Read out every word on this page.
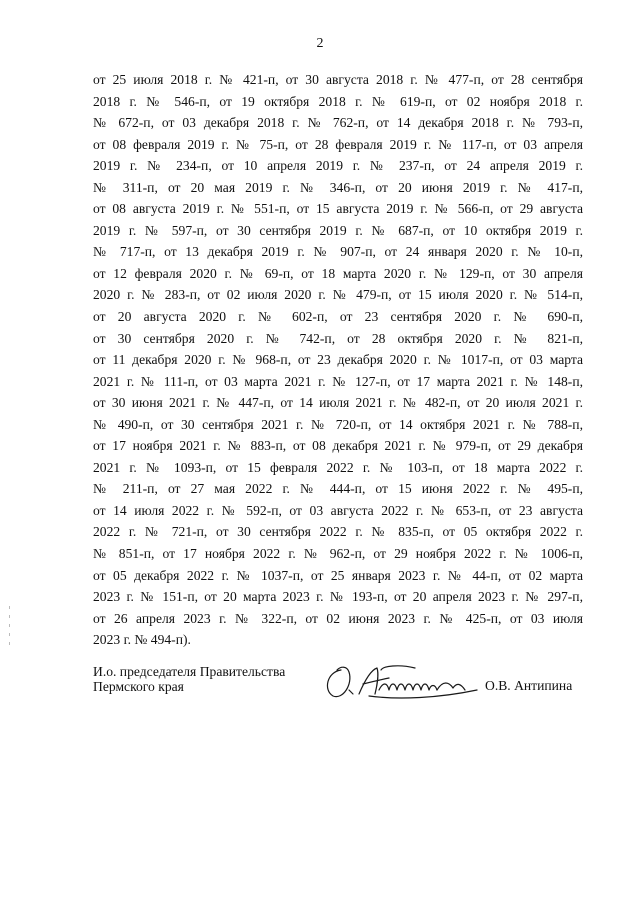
2
от 25 июля 2018 г. № 421-п, от 30 августа 2018 г. № 477-п, от 28 сентября
2018 г. № 546-п, от 19 октября 2018 г. № 619-п, от 02 ноября 2018 г.
№ 672-п, от 03 декабря 2018 г. № 762-п, от 14 декабря 2018 г. № 793-п,
от 08 февраля 2019 г. № 75-п, от 28 февраля 2019 г. № 117-п, от 03 апреля
2019 г. № 234-п, от 10 апреля 2019 г. № 237-п, от 24 апреля 2019 г.
№ 311-п, от 20 мая 2019 г. № 346-п, от 20 июня 2019 г. № 417-п,
от 08 августа 2019 г. № 551-п, от 15 августа 2019 г. № 566-п, от 29 августа
2019 г. № 597-п, от 30 сентября 2019 г. № 687-п, от 10 октября 2019 г.
№ 717-п, от 13 декабря 2019 г. № 907-п, от 24 января 2020 г. № 10-п,
от 12 февраля 2020 г. № 69-п, от 18 марта 2020 г. № 129-п, от 30 апреля
2020 г. № 283-п, от 02 июля 2020 г. № 479-п, от 15 июля 2020 г. № 514-п,
от 20 августа 2020 г. № 602-п, от 23 сентября 2020 г. № 690-п,
от 30 сентября 2020 г. № 742-п, от 28 октября 2020 г. № 821-п,
от 11 декабря 2020 г. № 968-п, от 23 декабря 2020 г. № 1017-п, от 03 марта
2021 г. № 111-п, от 03 марта 2021 г. № 127-п, от 17 марта 2021 г. № 148-п,
от 30 июня 2021 г. № 447-п, от 14 июля 2021 г. № 482-п, от 20 июля 2021 г.
№ 490-п, от 30 сентября 2021 г. № 720-п, от 14 октября 2021 г. № 788-п,
от 17 ноября 2021 г. № 883-п, от 08 декабря 2021 г. № 979-п, от 29 декабря
2021 г. № 1093-п, от 15 февраля 2022 г. № 103-п, от 18 марта 2022 г.
№ 211-п, от 27 мая 2022 г. № 444-п, от 15 июня 2022 г. № 495-п,
от 14 июля 2022 г. № 592-п, от 03 августа 2022 г. № 653-п, от 23 августа
2022 г. № 721-п, от 30 сентября 2022 г. № 835-п, от 05 октября 2022 г.
№ 851-п, от 17 ноября 2022 г. № 962-п, от 29 ноября 2022 г. № 1006-п,
от 05 декабря 2022 г. № 1037-п, от 25 января 2023 г. № 44-п, от 02 марта
2023 г. № 151-п, от 20 марта 2023 г. № 193-п, от 20 апреля 2023 г. № 297-п,
от 26 апреля 2023 г. № 322-п, от 02 июня 2023 г. № 425-п, от 03 июля
2023 г. № 494-п).
И.о. председателя Правительства
Пермского края	О.В. Антипина
